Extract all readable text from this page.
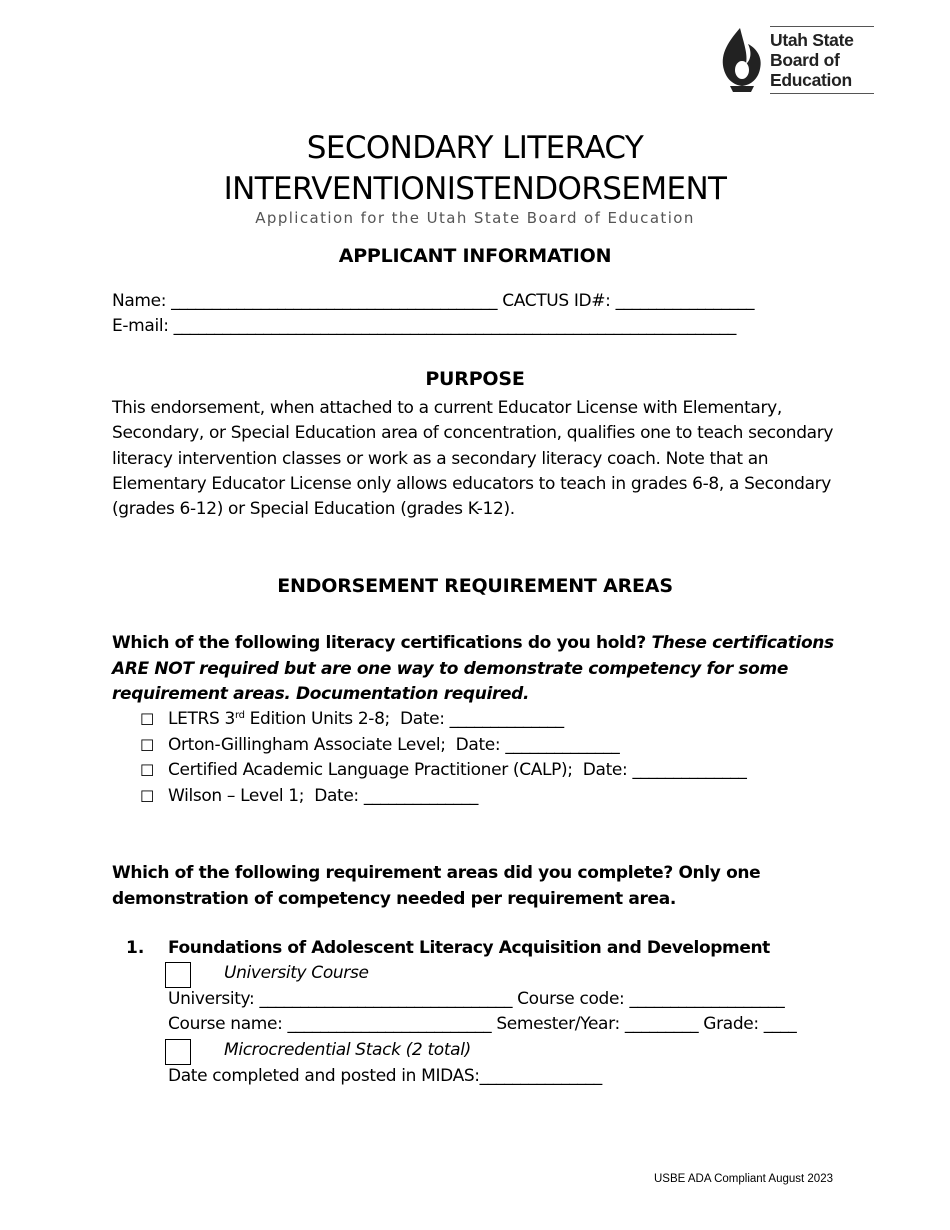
Utah State
Board of
Education
SECONDARY LITERACY
INTERVENTIONISTENDORSEMENT
Application for the Utah State Board of Education
APPLICANT INFORMATION
Name: ________________________________________ CACTUS ID#: _________________
E-mail: _____________________________________________________________________
PURPOSE
This endorsement, when attached to a current Educator License with Elementary, Secondary, or Special Education area of concentration, qualifies one to teach secondary literacy intervention classes or work as a secondary literacy coach. Note that an Elementary Educator License only allows educators to teach in grades 6-8, a Secondary (grades 6-12) or Special Education (grades K-12).
ENDORSEMENT REQUIREMENT AREAS
Which of the following literacy certifications do you hold? These certifications ARE NOT required but are one way to demonstrate competency for some requirement areas. Documentation required.
☐ LETRS 3rd Edition Units 2-8;  Date: ______________
☐ Orton-Gillingham Associate Level;  Date: ______________
☐ Certified Academic Language Practitioner (CALP);  Date: ______________
☐ Wilson – Level 1;  Date: ______________
Which of the following requirement areas did you complete? Only one demonstration of competency needed per requirement area.
1. Foundations of Adolescent Literacy Acquisition and Development
University Course
University: _______________________________ Course code: ___________________
Course name: _________________________ Semester/Year: _________ Grade: ____
Microcredential Stack (2 total)
Date completed and posted in MIDAS:_______________
USBE ADA Compliant August 2023
